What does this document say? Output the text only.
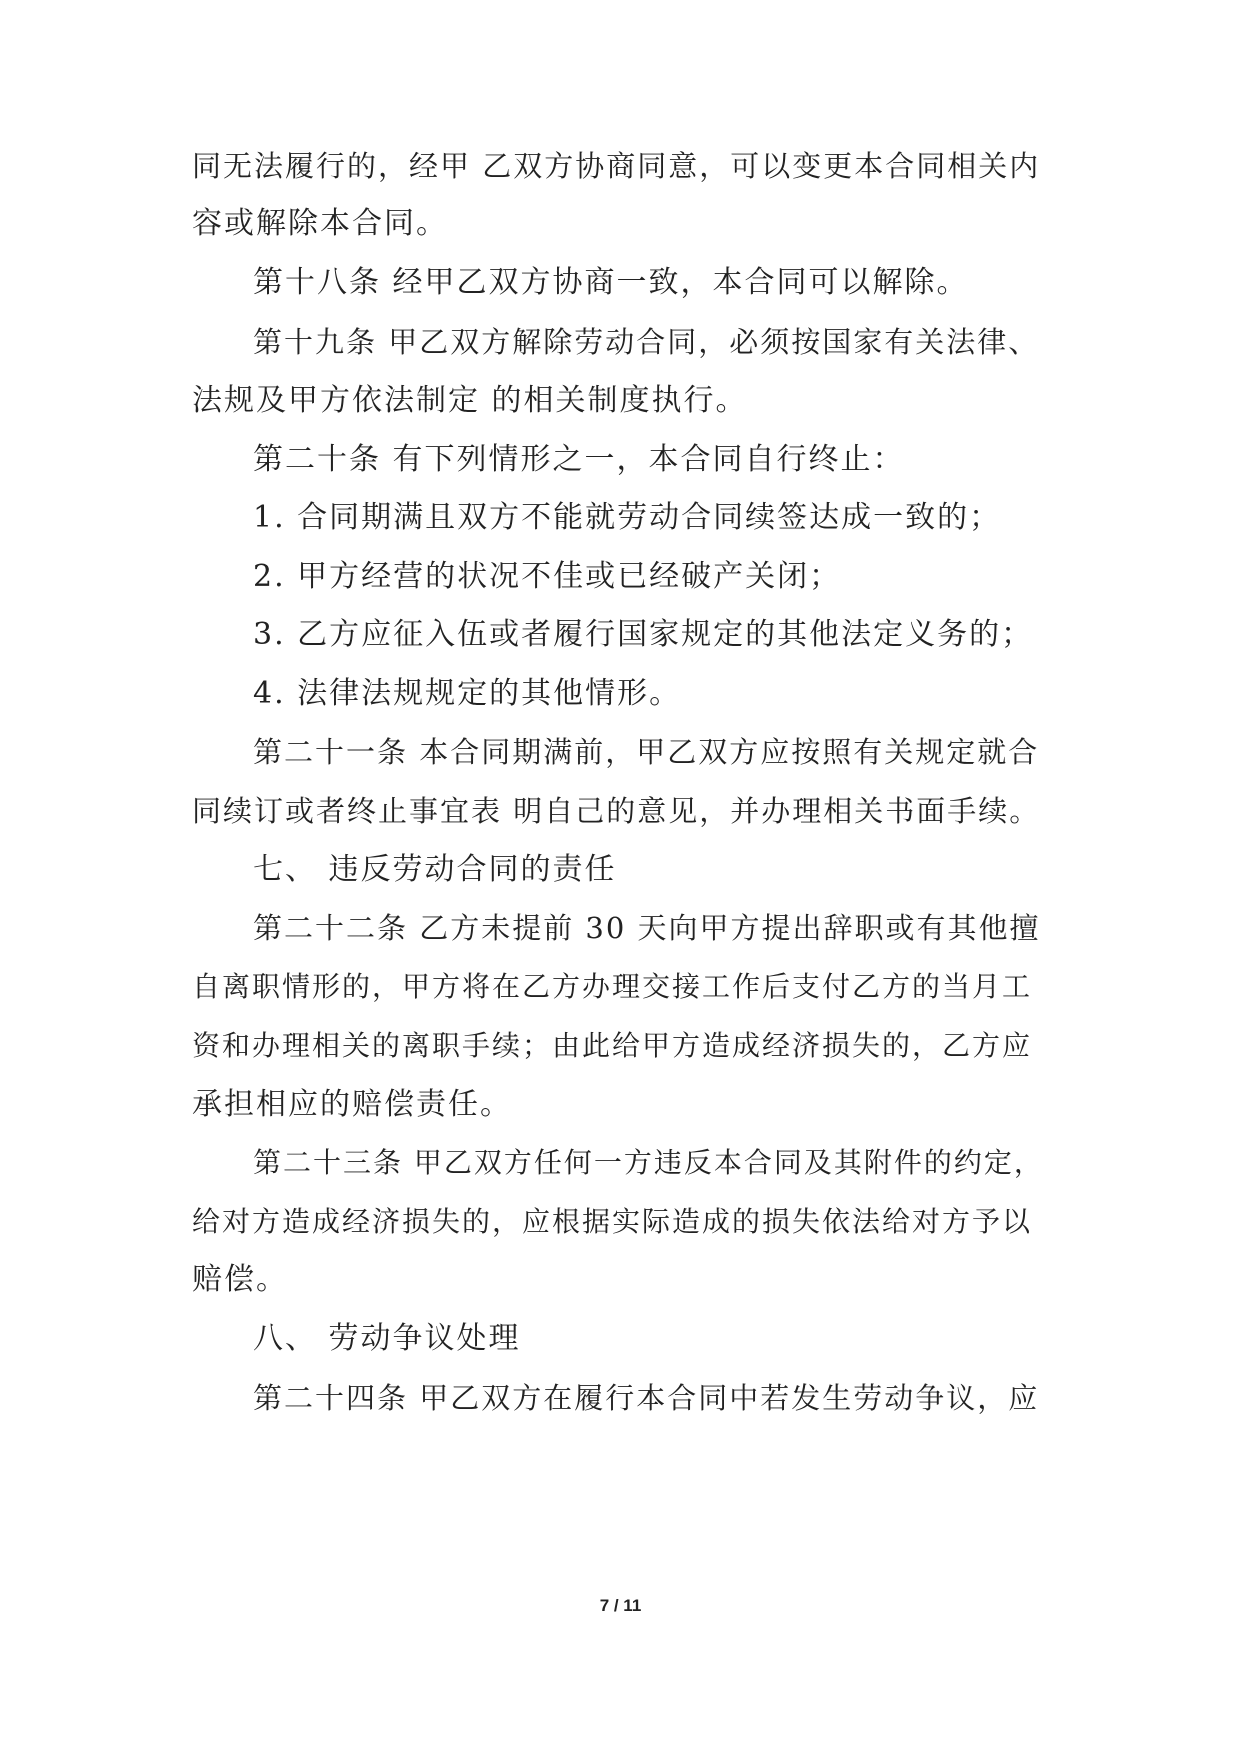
同无法履行的，经甲 乙双方协商同意，可以变更本合同相关内
容或解除本合同。
第十八条 经甲乙双方协商一致，本合同可以解除。
第十九条 甲乙双方解除劳动合同，必须按国家有关法律、
法规及甲方依法制定 的相关制度执行。
第二十条 有下列情形之一，本合同自行终止：
1. 合同期满且双方不能就劳动合同续签达成一致的；
2. 甲方经营的状况不佳或已经破产关闭；
3. 乙方应征入伍或者履行国家规定的其他法定义务的；
4. 法律法规规定的其他情形。
第二十一条 本合同期满前，甲乙双方应按照有关规定就合
同续订或者终止事宜表 明自己的意见，并办理相关书面手续。
七、 违反劳动合同的责任
第二十二条 乙方未提前 30 天向甲方提出辞职或有其他擅
自离职情形的，甲方将在乙方办理交接工作后支付乙方的当月工
资和办理相关的离职手续；由此给甲方造成经济损失的，乙方应
承担相应的赔偿责任。
第二十三条 甲乙双方任何一方违反本合同及其附件的约定，
给对方造成经济损失的，应根据实际造成的损失依法给对方予以
赔偿。
八、 劳动争议处理
第二十四条 甲乙双方在履行本合同中若发生劳动争议，应
7 / 11
